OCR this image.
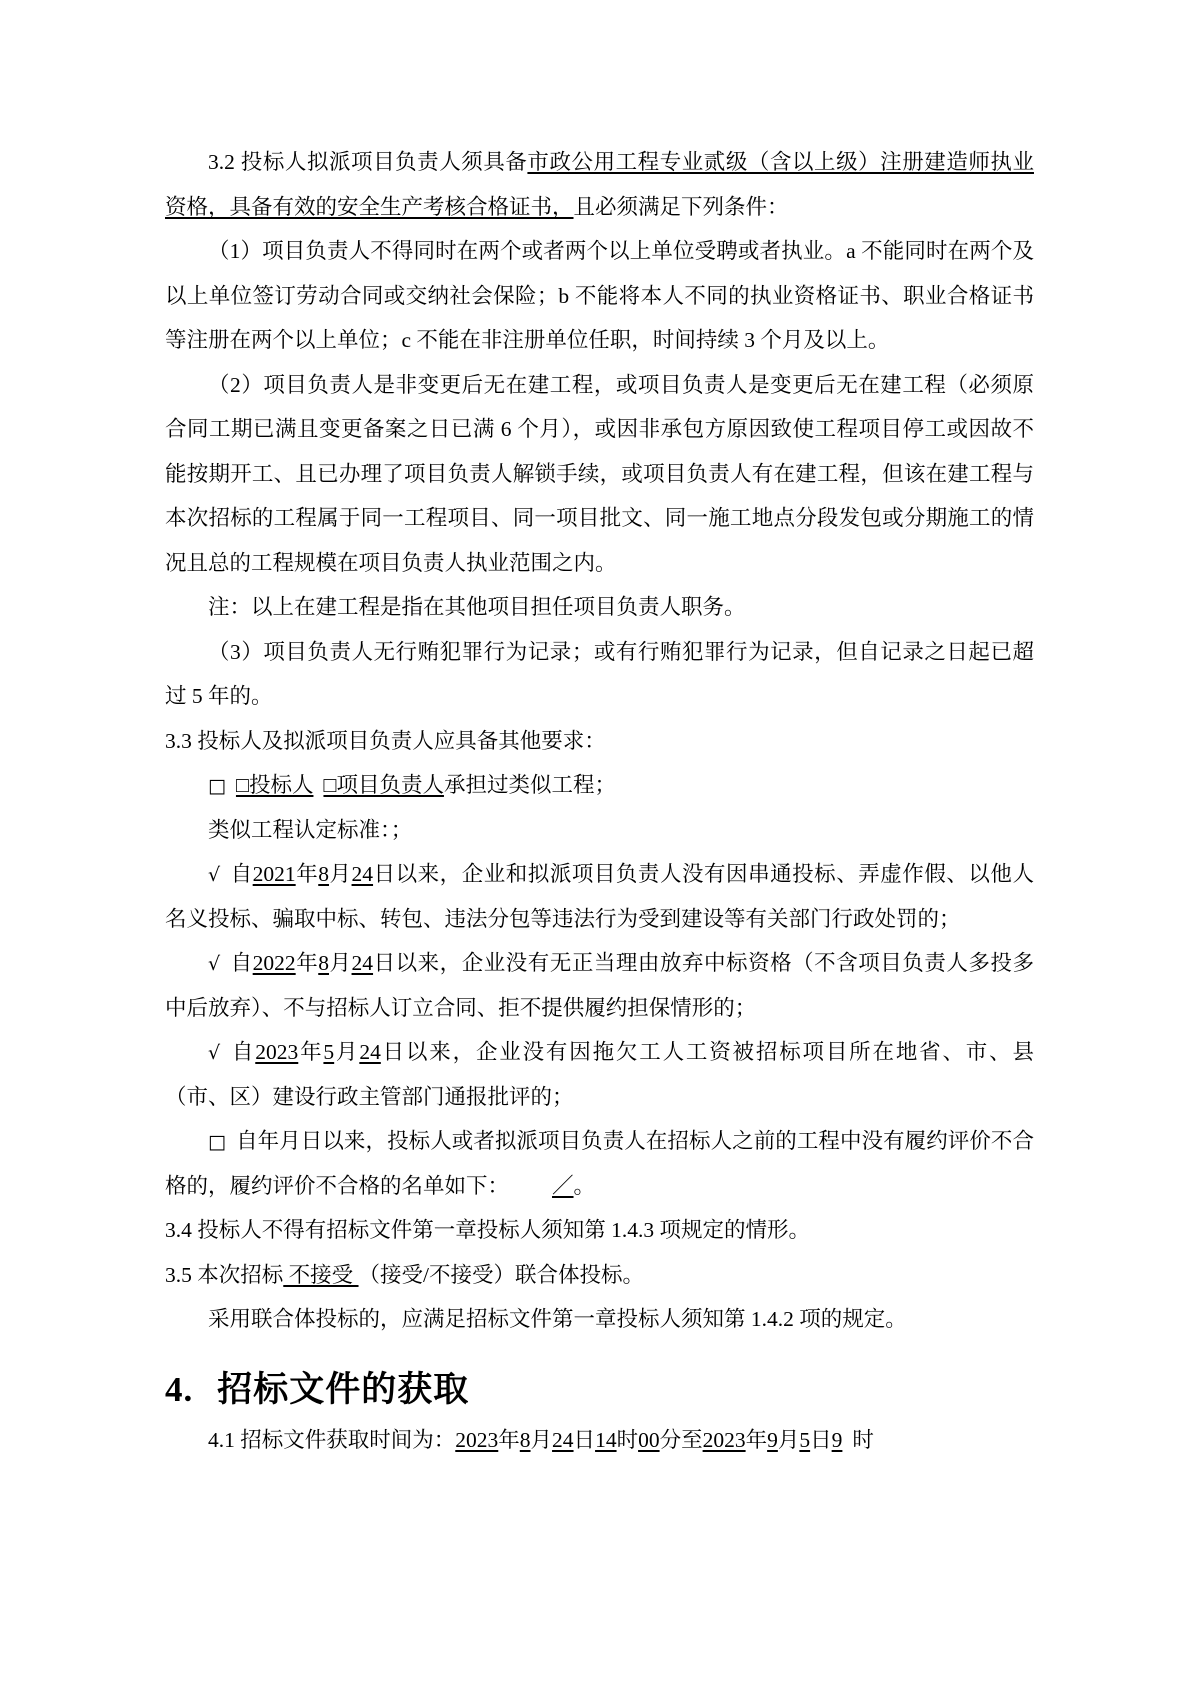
3.2 投标人拟派项目负责人须具备市政公用工程专业贰级（含以上级）注册建造师执业资格，具备有效的安全生产考核合格证书，且必须满足下列条件：

（1）项目负责人不得同时在两个或者两个以上单位受聘或者执业。a 不能同时在两个及以上单位签订劳动合同或交纳社会保险；b 不能将本人不同的执业资格证书、职业合格证书等注册在两个以上单位；c 不能在非注册单位任职，时间持续 3 个月及以上。

（2）项目负责人是非变更后无在建工程，或项目负责人是变更后无在建工程（必须原合同工期已满且变更备案之日已满 6 个月），或因非承包方原因致使工程项目停工或因故不能按期开工、且已办理了项目负责人解锁手续，或项目负责人有在建工程，但该在建工程与本次招标的工程属于同一工程项目、同一项目批文、同一施工地点分段发包或分期施工的情况且总的工程规模在项目负责人执业范围之内。

注：以上在建工程是指在其他项目担任项目负责人职务。

（3）项目负责人无行贿犯罪行为记录；或有行贿犯罪行为记录，但自记录之日起已超过 5 年的。

3.3 投标人及拟派项目负责人应具备其他要求：

□ □投标人 □项目负责人承担过类似工程；

类似工程认定标准：；

√ 自2021年8月24日以来，企业和拟派项目负责人没有因串通投标、弄虚作假、以他人名义投标、骗取中标、转包、违法分包等违法行为受到建设等有关部门行政处罚的；

√ 自2022年8月24日以来，企业没有无正当理由放弃中标资格（不含项目负责人多投多中后放弃）、不与招标人订立合同、拒不提供履约担保情形的；

√ 自2023年5月24日以来，企业没有因拖欠工人工资被招标项目所在地省、市、县（市、区）建设行政主管部门通报批评的；

□ 自年月日以来，投标人或者拟派项目负责人在招标人之前的工程中没有履约评价不合格的，履约评价不合格的名单如下： ／。

3.4 投标人不得有招标文件第一章投标人须知第 1.4.3 项规定的情形。

3.5 本次招标 不接受 （接受/不接受）联合体投标。

采用联合体投标的，应满足招标文件第一章投标人须知第 1.4.2 项的规定。

4. 招标文件的获取

4.1 招标文件获取时间为：2023年8月24日14时00分至2023年9月5日9 时
